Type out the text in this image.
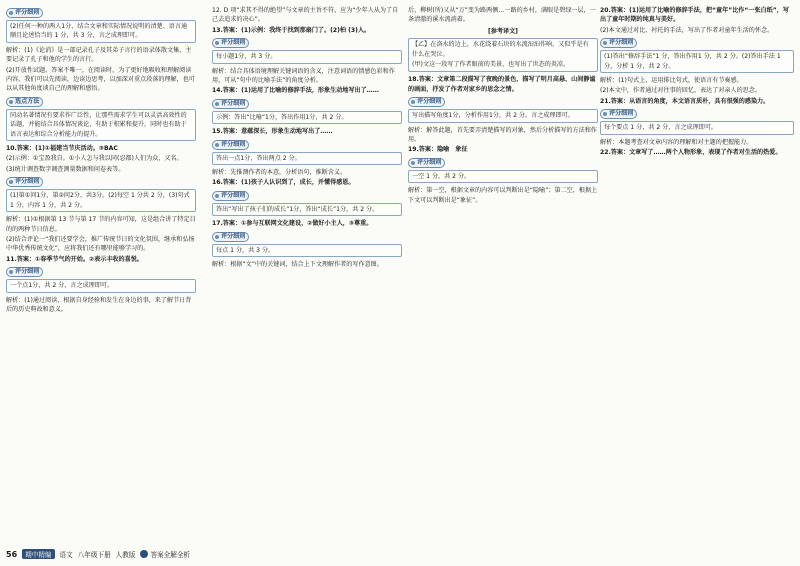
评分细则
(2)任何一种的两人1分，结合文章和实际情况说明的清楚、语言通顺且论述恰当的 1 分，共 3 分，言之成理即可。

解析：(1)《论消》是一部记录孔子及其弟子言行的语录体散文集，主要记录了孔子和他的学生的言行。

(2)开放性试题。答案不唯一。在阅读时，为了更好地吸收和理解阅读内容，我们可以先阅读，边读边思考，以加深对重点段落的理解，也可以从其他角度谈自己的理解和感悟。

选点方法
同动名著情况有要求作广泛性，让那些需求学生可以灵活高效性的话题，并能结合具体情况谈论，有助于积累和提升，同时也有助于语言表达和综合分析能力的提升。

10.答案：(1)①福建当节庆活动。③BAC

(2)示例：①宝盈我自。①小人怎与我以同(忍都)人们为众，又名。

(3)统计调查数字调查测量数据和问卷表等。

评分细则
(1)第①问1分，第②问2分，共3分。(2)每空 1 分共 2 分，(3)句式 1 分，内容 1 分，共 2 分。

解析：(1)①根据第 13 节与第 17 节的内容可知，这是组合讲了特定目的的两种节日信息。

(2)结合评论一“我们还要学会，推广传统节日的文化氛围，继承和弘扬中华优秀传统文化”，应将我们还有哪里能够学习的。

11.答案：①春季节气的开始。②表示丰收的喜悦。

评分细则
一个点1分，共 2 分，言之成理即可。

解析：(1)通过阅读，根据自身经验和发生在身边的事，来了解节日背后的历史典故和意义。

12. D 项“求其不得的绝望”与文章的主旨不符，应为“少年人从为了自己去追求的决心”。

13.答案：(1)示例：我终于找到那扇门了。(2)柏 (3)人。

评分细则
每小题1分，共 3 分。

解析：结合具体语境理解关键词语的含义，注意词语的情感色彩和作用，可从“句中的比喻手法”的角度分析。

14.答案：(1)运用了比喻的修辞手法，形象生动地写出了……

评分细则
示例：答出“比喻”1分，答出作用1分，共 2 分。

15.答案：意蕴深长，形象生动地写出了……

评分细则
答出一点1分，答出两点 2 分。

解析：先推测作者的本意，分析语句，推断含义。

16.答案：(1)孩子人认识到了，成长，并懂得感恩。

评分细则
答出“写出了孩子们的成长”1分，答出“成长”1分，共 2 分。

17.答案：①参与互联网文化建设，②做好小主人，③尊重。

评分细则
每点 1 分，共 3 分。

解析：根据“文”中的关键词，结合上下文理解作者的写作意图。

后，柳树(所)又从“万”变为路两侧…一路的乡村，满眼是碧绿一层，一条清澈的溪水流淌着。

[参考译文]

【乙】在洛水的边上，水花绕着石块的水流汩汩作响，又似乎是有什么在哭泣。

(甲)文这一段写了作者眼前的美景，也写出了世态的炎凉。

18.答案：文章第二段描写了夜晚的景色，描写了明月高悬、山间静谧的画面，抒发了作者对家乡的思念之情。

评分细则
写出描写角度1分，分析作用1分，共 2 分。言之成理即可。

解析：解答此题，首先要弄清楚描写的对象，然后分析描写的方法和作用。

19.答案：隐喻　象征

评分细则
一空 1 分，共 2 分。

解析：第一空，根据文章的内容可以判断出是“隐喻”；第二空，根据上下文可以判断出是“象征”。

20.答案：(1)运用了比喻的修辞手法，把“童年”比作“一张白纸”，写出了童年时期的纯真与美好。

(2)本文通过对比、衬托的手法，写出了作者对童年生活的怀念。

评分细则
(1)答出“修辞手法”1 分，答出作用1 分，共 2 分。(2)答出手法 1 分，分析 1 分，共 2 分。

解析：(1)句式上，运用排比句式，使语言有节奏感。

(2)本文中，作者通过对往事的回忆，表达了对亲人的思念。

21.答案：从语言的角度，本文语言质朴，具有很强的感染力。

评分细则
每个要点 1 分，共 2 分，言之成理即可。

解析：本题考查对文章内容的理解和对主题的把握能力。

22.答案：文章写了……两个人物形象，表现了作者对生活的热爱。

56	期中精编	语文 八年级下册 人教版 答案全解全析
